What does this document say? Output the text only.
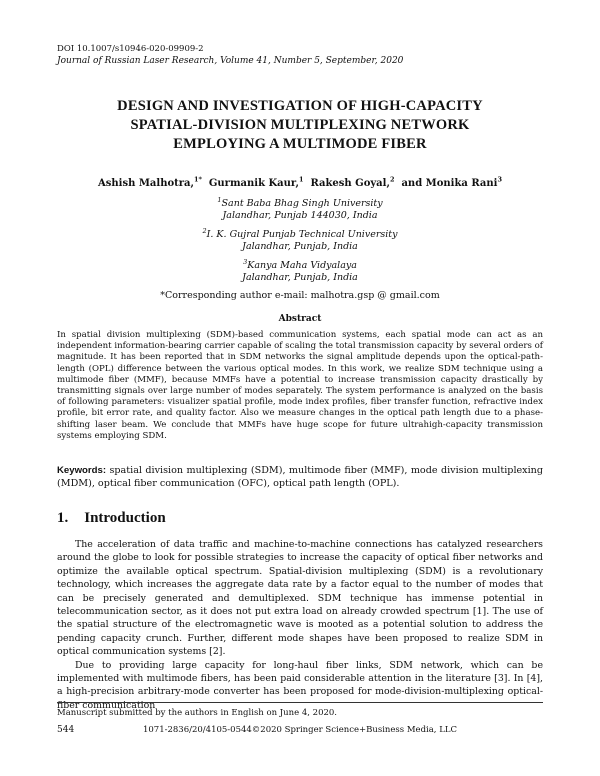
DOI 10.1007/s10946-020-09909-2
Journal of Russian Laser Research, Volume 41, Number 5, September, 2020
DESIGN AND INVESTIGATION OF HIGH-CAPACITY
SPATIAL-DIVISION MULTIPLEXING NETWORK
EMPLOYING A MULTIMODE FIBER
Ashish Malhotra,$^{1*}$ Gurmanik Kaur,$^1$ Rakesh Goyal,$^2$ and Monika Rani$^3$
$^1$Sant Baba Bhag Singh University
Jalandhar, Punjab 144030, India
$^2$I. K. Gujral Punjab Technical University
Jalandhar, Punjab, India
$^3$Kanya Maha Vidyalaya
Jalandhar, Punjab, India
*Corresponding author e-mail: malhotra.gsp @ gmail.com
Abstract
In spatial division multiplexing (SDM)-based communication systems, each spatial mode can act as an independent information-bearing carrier capable of scaling the total transmission capacity by several orders of magnitude. It has been reported that in SDM networks the signal amplitude depends upon the optical-path-length (OPL) difference between the various optical modes. In this work, we realize SDM technique using a multimode fiber (MMF), because MMFs have a potential to increase transmission capacity drastically by transmitting signals over large number of modes separately. The system performance is analyzed on the basis of following parameters: visualizer spatial profile, mode index profiles, fiber transfer function, refractive index profile, bit error rate, and quality factor. Also we measure changes in the optical path length due to a phase-shifting laser beam. We conclude that MMFs have huge scope for future ultrahigh-capacity transmission systems employing SDM.
Keywords: spatial division multiplexing (SDM), multimode fiber (MMF), mode division multiplexing (MDM), optical fiber communication (OFC), optical path length (OPL).
1. Introduction

The acceleration of data traffic and machine-to-machine connections has catalyzed researchers around the globe to look for possible strategies to increase the capacity of optical fiber networks and optimize the available optical spectrum. Spatial-division multiplexing (SDM) is a revolutionary technology, which increases the aggregate data rate by a factor equal to the number of modes that can be precisely generated and demultiplexed. SDM technique has immense potential in telecommunication sector, as it does not put extra load on already crowded spectrum [1]. The use of the spatial structure of the electromagnetic wave is mooted as a potential solution to address the pending capacity crunch. Further, different mode shapes have been proposed to realize SDM in optical communication systems [2].

Due to providing large capacity for long-haul fiber links, SDM network, which can be implemented with multimode fibers, has been paid considerable attention in the literature [3]. In [4], a high-precision arbitrary-mode converter has been proposed for mode-division-multiplexing optical-fiber communication

Manuscript submitted by the authors in English on June 4, 2020.
544	1071-2836/20/4105-0544©2020 Springer Science+Business Media, LLC
